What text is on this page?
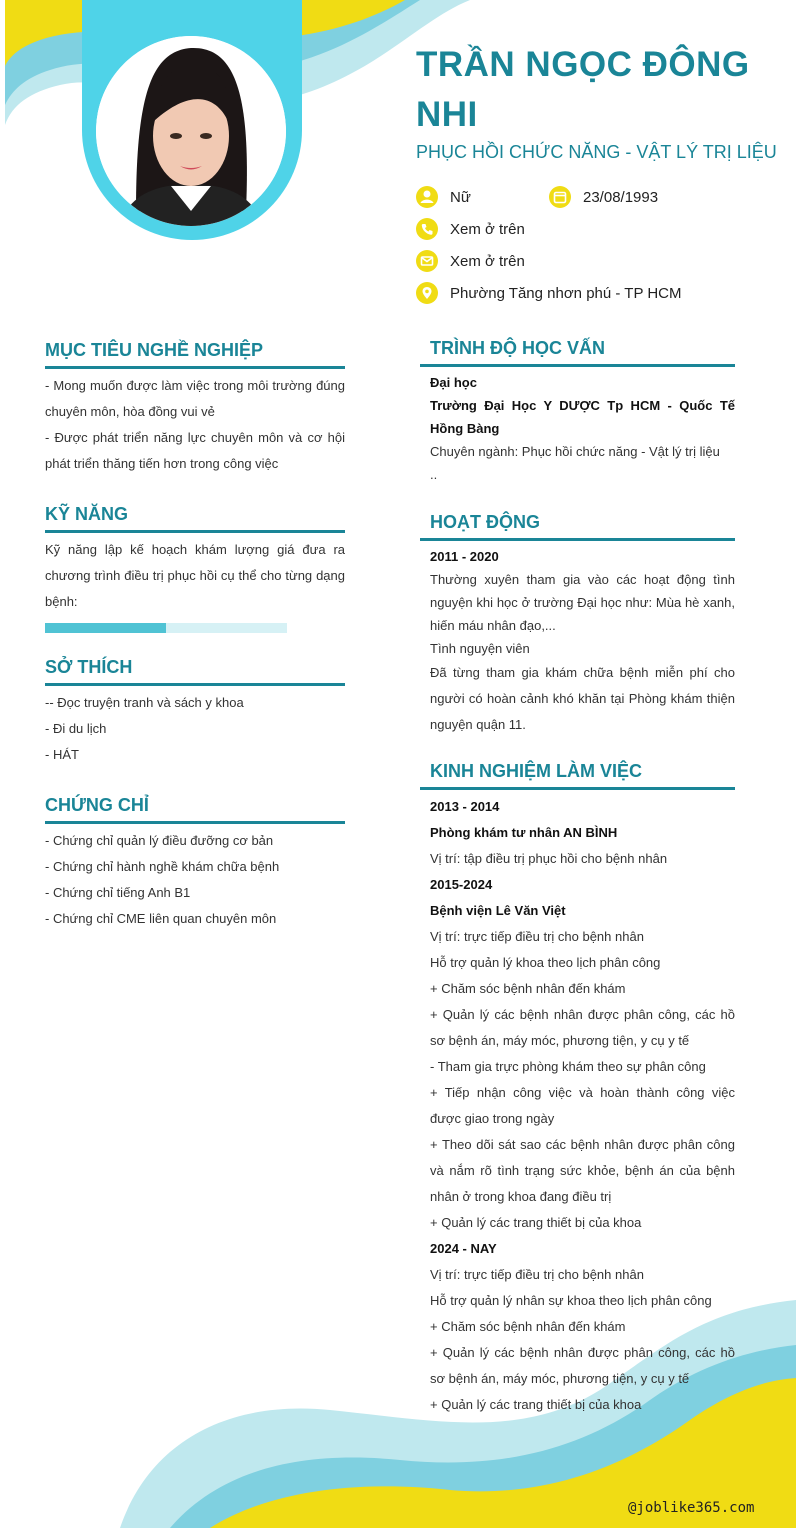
TRẦN NGỌC ĐÔNG NHI
PHỤC HỒI CHỨC NĂNG - VẬT LÝ TRỊ LIỆU
Nữ	23/08/1993
Xem ở trên
Xem ở trên
Phường Tăng nhơn phú - TP HCM
MỤC TIÊU NGHỀ NGHIỆP

- Mong muốn được làm việc trong môi trường đúng chuyên môn, hòa đồng vui vẻ

- Được phát triển năng lực chuyên môn và cơ hội phát triển thăng tiến hơn trong công việc

KỸ NĂNG

Kỹ năng lập kế hoạch khám lượng giá đưa ra chương trình điều trị phục hồi cụ thể cho từng dạng bệnh:

SỞ THÍCH

-- Đọc truyện tranh và sách y khoa

- Đi du lịch

- HÁT

CHỨNG CHỈ

- Chứng chỉ quản lý điều đưỡng cơ bản

- Chứng chỉ hành nghề khám chữa bệnh

- Chứng chỉ tiếng Anh B1

- Chứng chỉ CME liên quan chuyên môn

TRÌNH ĐỘ HỌC VẤN

Đại học

Trường Đại Học Y DƯỢC Tp HCM - Quốc Tế Hồng Bàng

Chuyên ngành: Phục hồi chức năng - Vật lý trị liệu

..

HOẠT ĐỘNG

2011 - 2020

Thường xuyên tham gia vào các hoạt động tình nguyện khi học ở trường Đại học như: Mùa hè xanh, hiến máu nhân đạo,...

Tình nguyện viên

Đã từng tham gia khám chữa bệnh miễn phí cho người có hoàn cảnh khó khăn tại Phòng khám thiện nguyện quận 11.

KINH NGHIỆM LÀM VIỆC

2013 - 2014

Phòng khám tư nhân AN BÌNH

Vị trí: tập điều trị phục hồi cho bệnh nhân

2015-2024

Bệnh viện Lê Văn Việt

Vị trí: trực tiếp điều trị cho bệnh nhân

Hỗ trợ quản lý khoa theo lịch phân công

+ Chăm sóc bệnh nhân đến khám

+ Quản lý các bệnh nhân được phân công, các hồ sơ bệnh án, máy móc, phương tiện, y cụ y tế

- Tham gia trực phòng khám theo sự phân công

+ Tiếp nhận công việc và hoàn thành công việc được giao trong ngày

+ Theo dõi sát sao các bệnh nhân được phân công và nắm rõ tình trạng sức khỏe, bệnh án của bệnh nhân ở trong khoa đang điều trị

+ Quản lý các trang thiết bị của khoa

2024 - NAY

Vị trí: trực tiếp điều trị cho bệnh nhân

Hỗ trợ quản lý nhân sự khoa theo lịch phân công

+ Chăm sóc bệnh nhân đến khám

+ Quản lý các bệnh nhân được phân công, các hồ sơ bệnh án, máy móc, phương tiện, y cụ y tế

+ Quản lý các trang thiết bị của khoa

@joblike365.com
